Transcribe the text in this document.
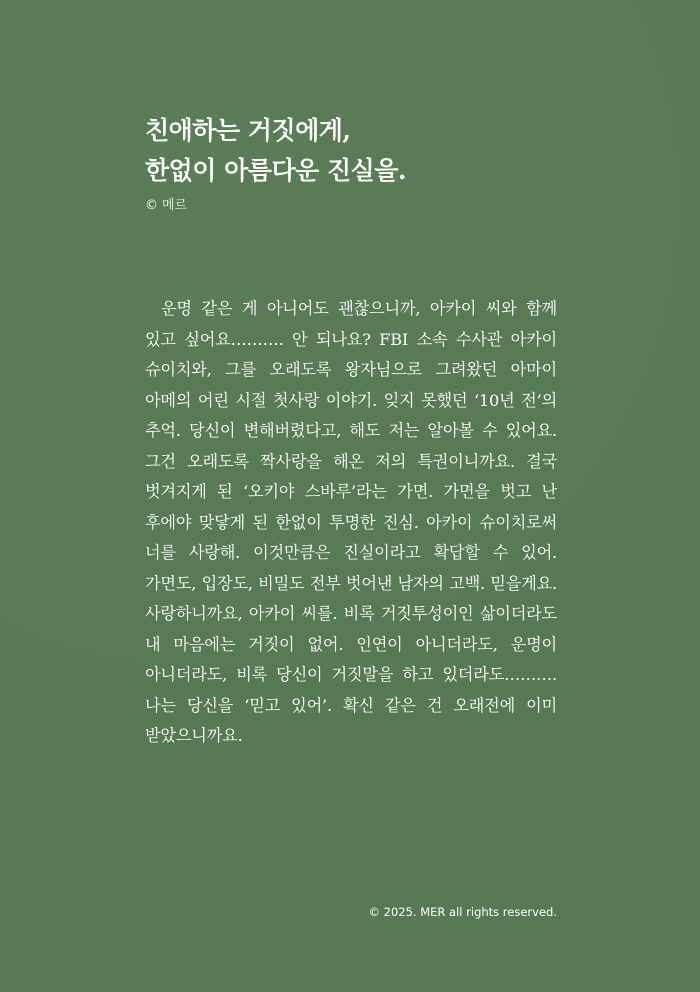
친애하는 거짓에게,
한없이 아름다운 진실을.
© 메르

운명 같은 게 아니어도 괜찮으니까, 아카이 씨와 함께 있고 싶어요………. 안 되나요? FBI 소속 수사관 아카이 슈이치와, 그를 오래도록 왕자님으로 그려왔던 아마이 아메의 어린 시절 첫사랑 이야기. 잊지 못했던 ‘10년 전’의 추억. 당신이 변해버렸다고, 해도 저는 알아볼 수 있어요. 그건 오래도록 짝사랑을 해온 저의 특권이니까요. 결국 벗겨지게 된 ‘오키야 스바루’라는 가면. 가면을 벗고 난 후에야 맞닿게 된 한없이 투명한 진심. 아카이 슈이치로써 너를 사랑해. 이것만큼은 진실이라고 확답할 수 있어. 가면도, 입장도, 비밀도 전부 벗어낸 남자의 고백. 믿을게요. 사랑하니까요, 아카이 씨를. 비록 거짓투성이인 삶이더라도 내 마음에는 거짓이 없어. 인연이 아니더라도, 운명이 아니더라도, 비록 당신이 거짓말을 하고 있더라도………. 나는 당신을 ‘믿고 있어’. 확신 같은 건 오래전에 이미 받았으니까요.

© 2025. MER all rights reserved.
